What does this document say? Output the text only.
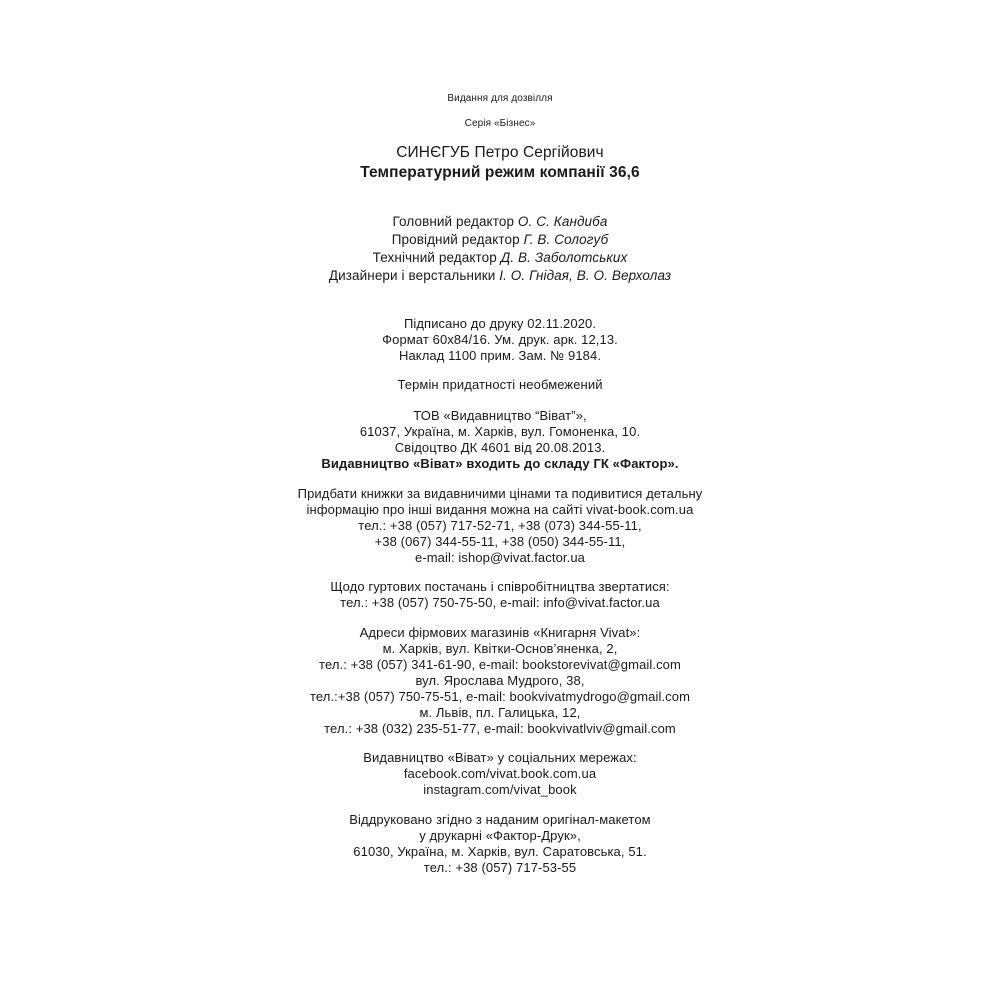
Видання для дозвілля
Серія «Бізнес»
СИНЄГУБ Петро Сергійович
Температурний режим компанії 36,6
Головний редактор О. С. Кандиба
Провідний редактор Г. В. Сологуб
Технічний редактор Д. В. Заболотських
Дизайнери і верстальники І. О. Гнідая, В. О. Верхолаз
Підписано до друку 02.11.2020.
Формат 60х84/16. Ум. друк. арк. 12,13.
Наклад 1100 прим. Зам. № 9184.
Термін придатності необмежений
ТОВ «Видавництво “Віват”»,
61037, Україна, м. Харків, вул. Гомоненка, 10.
Свідоцтво ДК 4601 від 20.08.2013.
Видавництво «Віват» входить до складу ГК «Фактор».
Придбати книжки за видавничими цінами та подивитися детальну
інформацію про інші видання можна на сайті vivat-book.com.ua
тел.: +38 (057) 717-52-71, +38 (073) 344-55-11,
+38 (067) 344-55-11, +38 (050) 344-55-11,
e-mail: ishop@vivat.factor.ua
Щодо гуртових постачань і співробітництва звертатися:
тел.: +38 (057) 750-75-50, e-mail: info@vivat.factor.ua
Адреси фірмових магазинів «Книгарня Vivat»:
м. Харків, вул. Квітки-Основ’яненка, 2,
тел.: +38 (057) 341-61-90, e-mail: bookstorevivat@gmail.com
вул. Ярослава Мудрого, 38,
тел.:+38 (057) 750-75-51, e-mail: bookvivatmydrogo@gmail.com
м. Львів, пл. Галицька, 12,
тел.: +38 (032) 235-51-77, e-mail: bookvivatlviv@gmail.com
Видавництво «Віват» у соціальних мережах:
facebook.com/vivat.book.com.ua
instagram.com/vivat_book
Віддруковано згідно з наданим оригінал-макетом
у друкарні «Фактор-Друк»,
61030, Україна, м. Харків, вул. Саратовська, 51.
тел.: +38 (057) 717-53-55
